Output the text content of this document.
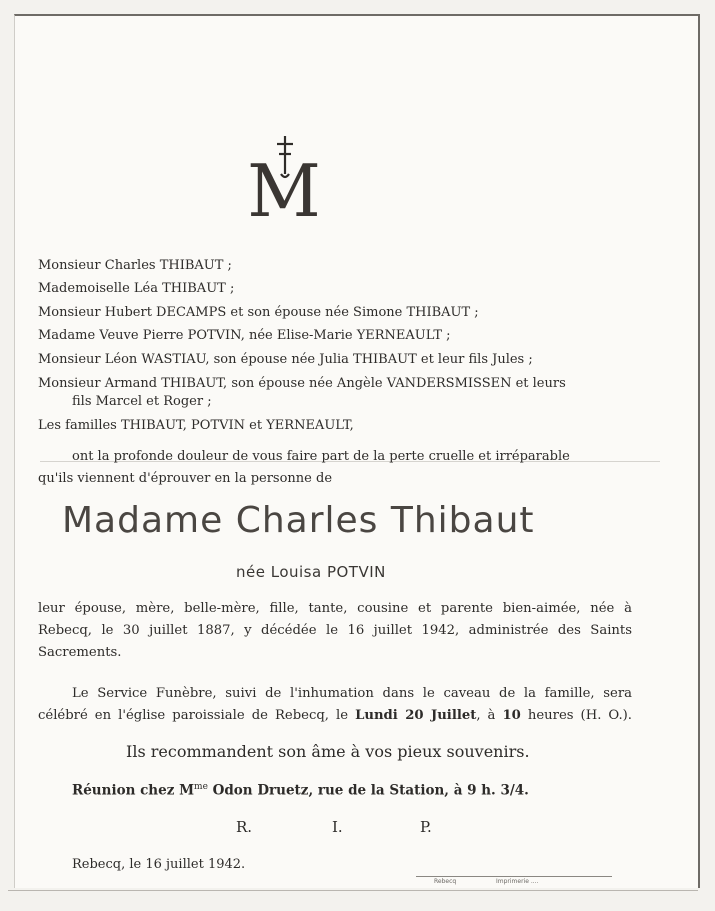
M
Monsieur Charles THIBAUT ;
Mademoiselle Léa THIBAUT ;
Monsieur Hubert DECAMPS et son épouse née Simone THIBAUT ;
Madame Veuve Pierre POTVIN, née Elise-Marie YERNEAULT ;
Monsieur Léon WASTIAU, son épouse née Julia THIBAUT et leur fils Jules ;
Monsieur Armand THIBAUT, son épouse née Angèle VANDERSMISSEN et leurs
fils Marcel et Roger ;
Les familles THIBAUT, POTVIN et YERNEAULT,
ont la profonde douleur de vous faire part de la perte cruelle et irréparable
qu'ils viennent d'éprouver en la personne de
Madame Charles Thibaut
née Louisa POTVIN
leur épouse, mère, belle-mère, fille, tante, cousine et parente bien-aimée, née à
Rebecq, le 30 juillet 1887, y décédée le 16 juillet 1942, administrée des Saints
Sacrements.
Le Service Funèbre, suivi de l'inhumation dans le caveau de la famille, sera
célébré en l'église paroissiale de Rebecq, le Lundi 20 Juillet, à 10 heures (H. O.).
Ils recommandent son âme à vos pieux souvenirs.
Réunion chez $M^{me}$ Odon Druetz, rue de la Station, à 9 h. 3/4.
R.	I.	P.
Rebecq, le 16 juillet 1942.
Rebecq	Imprimerie ....
